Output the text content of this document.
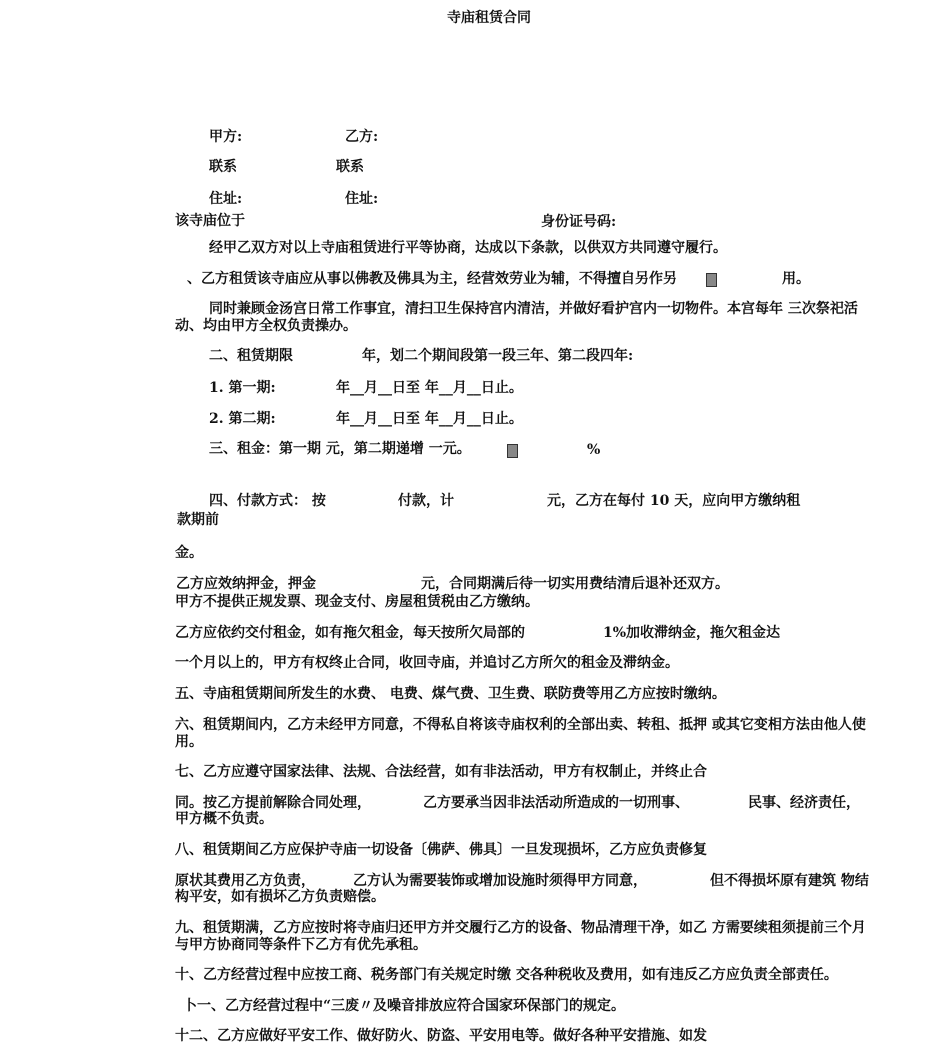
寺庙租赁合同
甲方:	乙方:
联系	联系
住址:	住址:
该寺庙位于	身份证号码:
经甲乙双方对以上寺庙租赁进行平等协商，达成以下条款，以供双方共同遵守履行。
、乙方租赁该寺庙应从事以佛教及佛具为主，经营效劳业为辅，不得擅自另作另	用。
同时兼顾金汤宫日常工作事宜，清扫卫生保持宫内清洁，并做好看护宫内一切物件。本宫每年 三次祭祀活动、均由甲方全权负责操办。
二、租赁期限	年，划二个期间段第一段三年、第二段四年:
1. 第一期:	年__月__日至 年__月__日止。
2. 第二期:	年__月__日至 年__月__日止。
三、租金：第一期 元，第二期递增 一元。	%
四、付款方式： 按	付款，计	元，乙方在每付 10 天，应向甲方缴纳租
款期前
金。
乙方应效纳押金，押金	元，合同期满后待一切实用费结清后退补还双方。
甲方不提供正规发票、现金支付、房屋租赁税由乙方缴纳。
乙方应依约交付租金，如有拖欠租金，每天按所欠局部的	1%加收滞纳金，拖欠租金达
一个月以上的，甲方有权终止合同，收回寺庙，并追讨乙方所欠的租金及滞纳金。
五、寺庙租赁期间所发生的水费、 电费、煤气费、卫生费、联防费等用乙方应按时缴纳。
六、租赁期间内，乙方未经甲方同意，不得私自将该寺庙权利的全部出卖、转租、抵押 或其它变相方法由他人使用。
七、乙方应遵守国家法律、法规、合法经营，如有非法活动，甲方有权制止，并终止合
同。按乙方提前解除合同处理，	乙方要承当因非法活动所造成的一切刑事、	民事、经济责任，
甲方概不负责。
八、租赁期间乙方应保护寺庙一切设备〔佛萨、佛具〕一旦发现损坏，乙方应负责修复
原状其费用乙方负责，	乙方认为需要装饰或增加设施时须得甲方同意，	但不得损坏原有建筑 物结
构平安，如有损坏乙方负责赔偿。
九、租赁期满，乙方应按时将寺庙归还甲方并交履行乙方的设备、物品清理干净，如乙 方需要续租须提前三个月与甲方协商同等条件下乙方有优先承租。
十、乙方经营过程中应按工商、税务部门有关规定时缴 交各种税收及费用，如有违反乙方应负责全部责任。
卜一、乙方经营过程中“三废〃及噪音排放应符合国家环保部门的规定。
十二、乙方应做好平安工作、做好防火、防盗、平安用电等。做好各种平安措施、如发
